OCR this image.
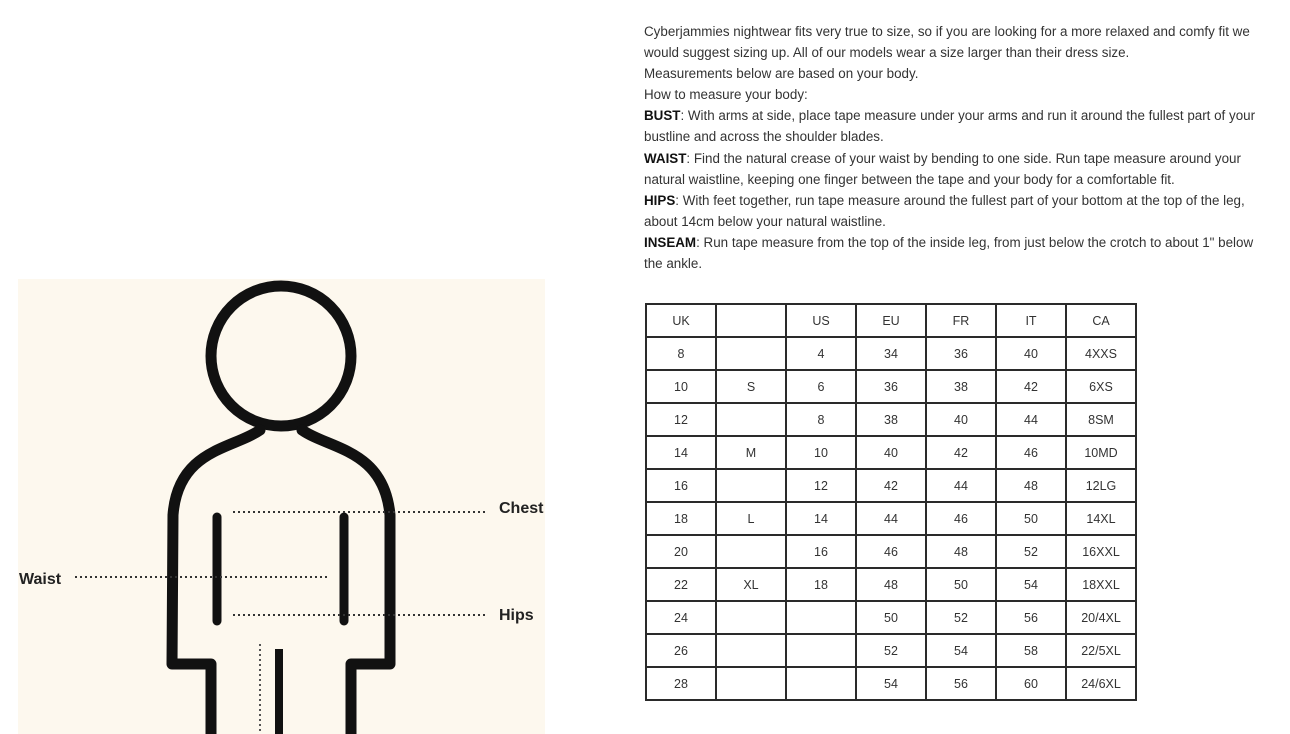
Chest
Waist
Hips

Cyberjammies nightwear fits very true to size, so if you are looking for a more relaxed and comfy fit we would suggest sizing up. All of our models wear a size larger than their dress size.

Measurements below are based on your body.

How to measure your body:

BUST: With arms at side, place tape measure under your arms and run it around the fullest part of your bustline and across the shoulder blades.

WAIST: Find the natural crease of your waist by bending to one side. Run tape measure around your natural waistline, keeping one finger between the tape and your body for a comfortable fit.

HIPS: With feet together, run tape measure around the fullest part of your bottom at the top of the leg, about 14cm below your natural waistline.

INSEAM: Run tape measure from the top of the inside leg, from just below the crotch to about 1" below the ankle.

UK		US	EU	FR	IT	CA
8		4	34	36	40	4XXS
10	S	6	36	38	42	6XS
12		8	38	40	44	8SM
14	M	10	40	42	46	10MD
16		12	42	44	48	12LG
18	L	14	44	46	50	14XL
20		16	46	48	52	16XXL
22	XL	18	48	50	54	18XXL
24			50	52	56	20/4XL
26			52	54	58	22/5XL
28			54	56	60	24/6XL
